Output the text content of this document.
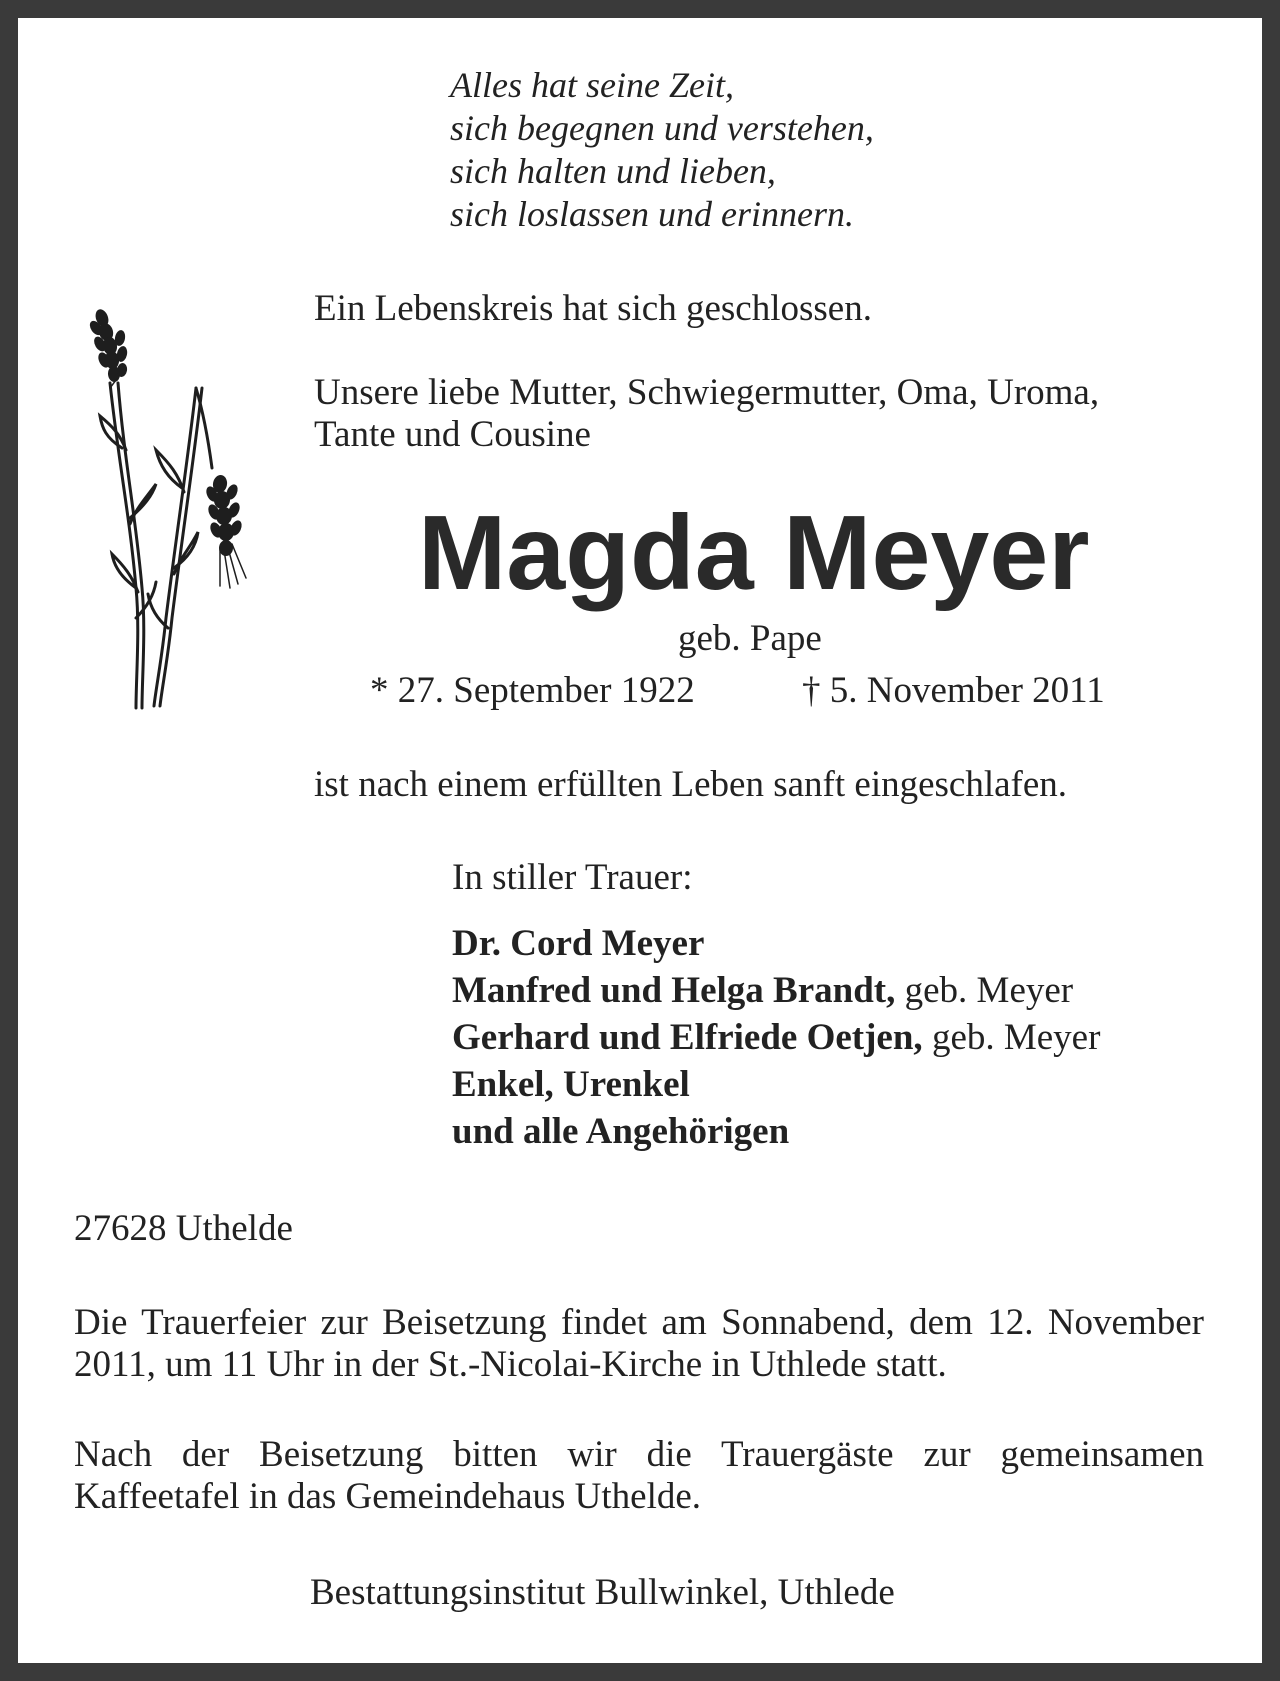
Alles hat seine Zeit,
sich begegnen und verstehen,
sich halten und lieben,
sich loslassen und erinnern.
Ein Lebenskreis hat sich geschlossen.
Unsere liebe Mutter, Schwiegermutter, Oma, Uroma,
Tante und Cousine
Magda Meyer
geb. Pape
* 27. September 1922	† 5. November 2011
ist nach einem erfüllten Leben sanft eingeschlafen.
In stiller Trauer:
Dr. Cord Meyer
Manfred und Helga Brandt, geb. Meyer
Gerhard und Elfriede Oetjen, geb. Meyer
Enkel, Urenkel
und alle Angehörigen
27628 Uthelde
Die Trauerfeier zur Beisetzung findet am Sonnabend, dem 12. November 2011, um 11 Uhr in der St.-Nicolai-Kirche in Uthlede statt.
Nach der Beisetzung bitten wir die Trauergäste zur gemeinsamen Kaffeetafel in das Gemeindehaus Uthelde.
Bestattungsinstitut Bullwinkel, Uthlede
